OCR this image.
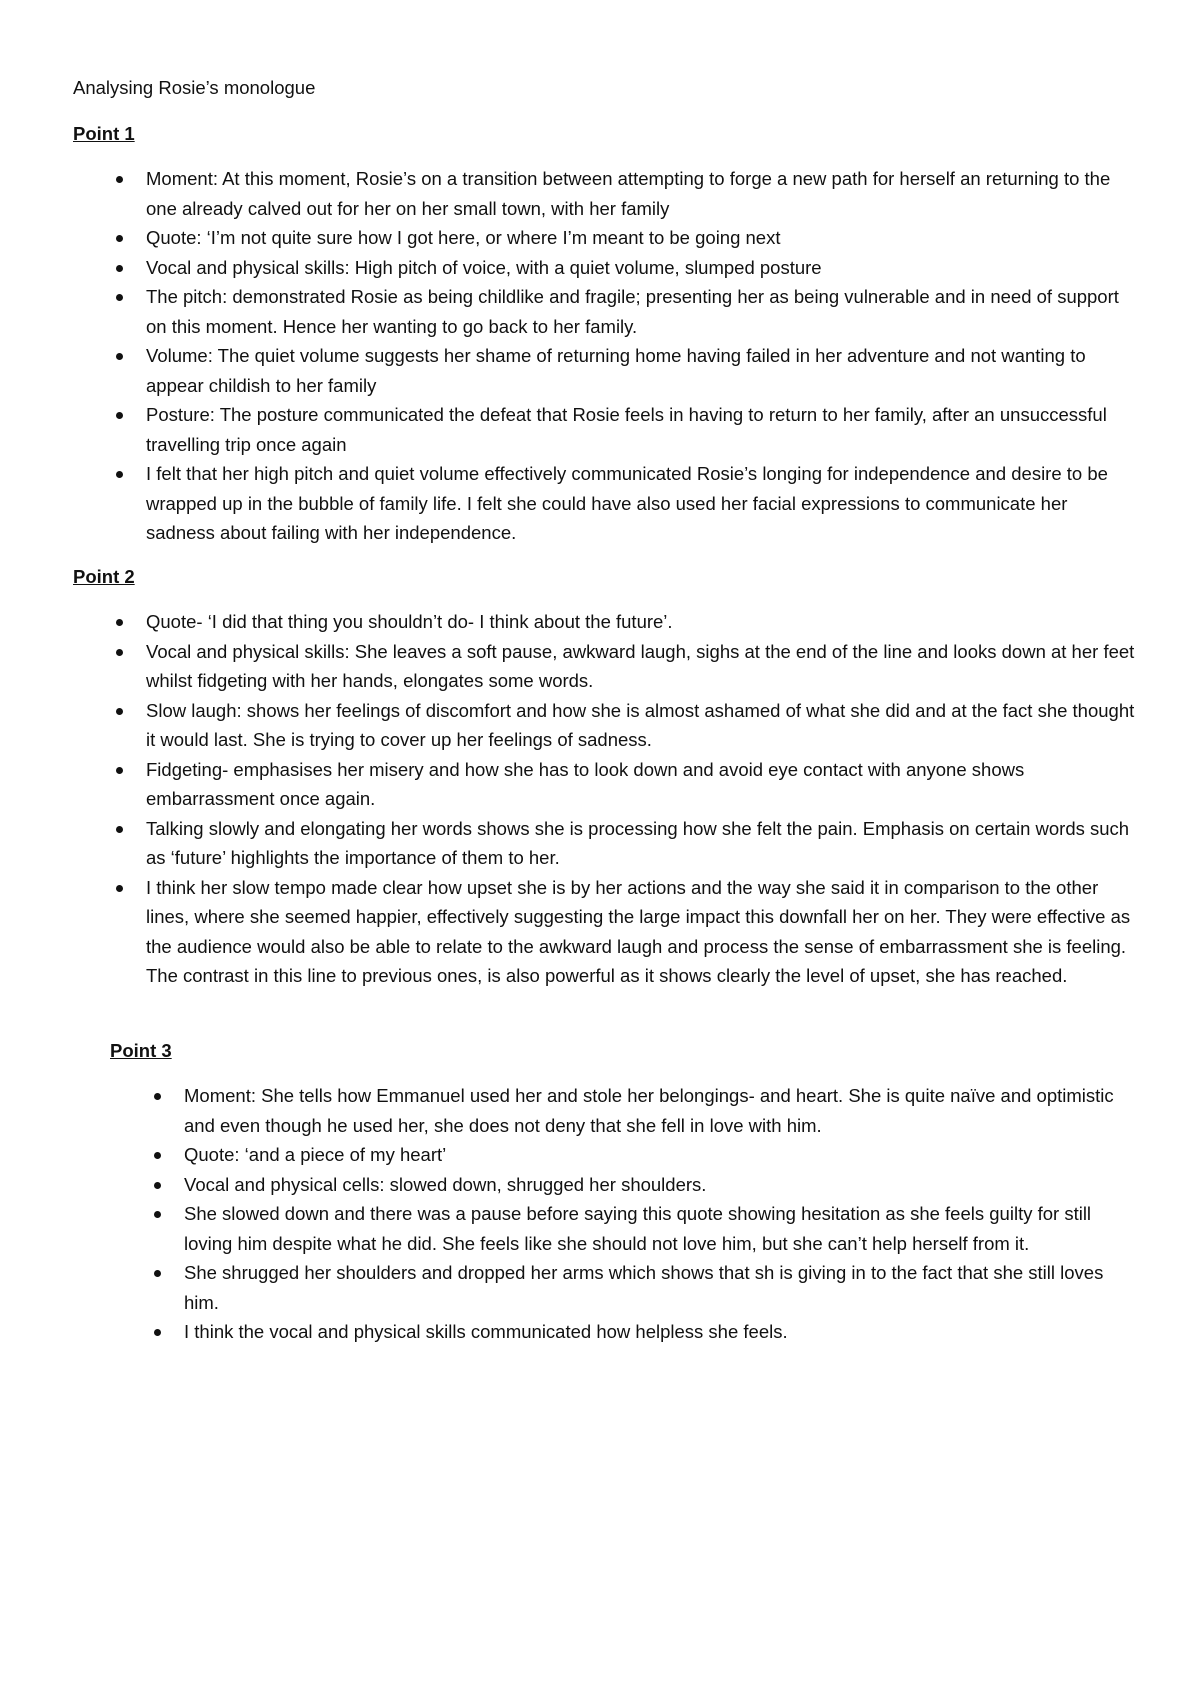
Analysing Rosie’s monologue
Point 1
Moment: At this moment, Rosie’s on a transition between attempting to forge a new path for herself an returning to the one already calved out for her on her small town, with her family
Quote: ‘I’m not quite sure how I got here, or where I’m meant to be going next
Vocal and physical skills: High pitch of voice, with a quiet volume, slumped posture
The pitch: demonstrated Rosie as being childlike and fragile; presenting her as being vulnerable and in need of support on this moment. Hence her wanting to go back to her family.
Volume: The quiet volume suggests her shame of returning home having failed in her adventure and not wanting to appear childish to her family
Posture: The posture communicated the defeat that Rosie feels in having to return to her family, after an unsuccessful travelling trip once again
I felt that her high pitch and quiet volume effectively communicated Rosie’s longing for independence and desire to be wrapped up in the bubble of family life. I felt she could have also used her facial expressions to communicate her sadness about failing with her independence.
Point 2
Quote- ‘I did that thing you shouldn’t do- I think about the future’.
Vocal and physical skills: She leaves a soft pause, awkward laugh, sighs at the end of the line and looks down at her feet whilst fidgeting with her hands, elongates some words.
Slow laugh: shows her feelings of discomfort and how she is almost ashamed of what she did and at the fact she thought it would last. She is trying to cover up her feelings of sadness.
Fidgeting- emphasises her misery and how she has to look down and avoid eye contact with anyone shows embarrassment once again.
Talking slowly and elongating her words shows she is processing how she felt the pain. Emphasis on certain words such as ‘future’ highlights the importance of them to her.
I think her slow tempo made clear how upset she is by her actions and the way she said it in comparison to the other lines, where she seemed happier, effectively suggesting the large impact this downfall her on her. They were effective as the audience would also be able to relate to the awkward laugh and process the sense of embarrassment she is feeling. The contrast in this line to previous ones, is also powerful as it shows clearly the level of upset, she has reached.
Point 3
Moment: She tells how Emmanuel used her and stole her belongings- and heart. She is quite naïve and optimistic and even though he used her, she does not deny that she fell in love with him.
Quote: ‘and a piece of my heart’
Vocal and physical cells: slowed down, shrugged her shoulders.
She slowed down and there was a pause before saying this quote showing hesitation as she feels guilty for still loving him despite what he did. She feels like she should not love him, but she can’t help herself from it.
She shrugged her shoulders and dropped her arms which shows that sh is giving in to the fact that she still loves him.
I think the vocal and physical skills communicated how helpless she feels.
